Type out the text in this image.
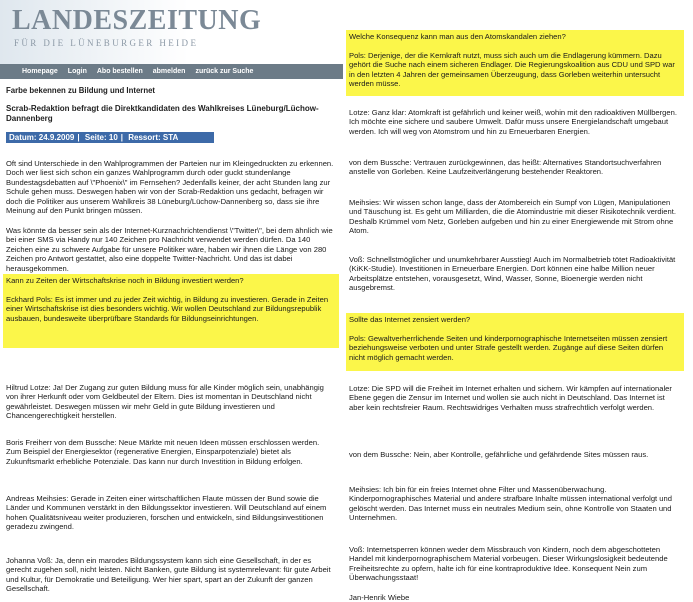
LANDESZEITUNG
FÜR DIE LÜNEBURGER HEIDE
Homepage Login Abo bestellen abmelden zurück zur Suche
Farbe bekennen zu Bildung und Internet
Scrab-Redaktion befragt die Direktkandidaten des Wahlkreises Lüneburg/Lüchow-Dannenberg
Datum: 24.9.2009 | Seite: 10 | Ressort: STA

Oft sind Unterschiede in den Wahlprogrammen der Parteien nur im Kleingedruckten zu erkennen. Doch wer liest sich schon ein ganzes Wahlprogramm durch oder guckt stundenlange Bundestagsdebatten auf \"Phoenix\" im Fernsehen? Jedenfalls keiner, der acht Stunden lang zur Schule gehen muss. Deswegen haben wir von der Scrab-Redaktion uns gedacht, befragen wir doch die Politiker aus unserem Wahlkreis 38 Lüneburg/Lüchow-Dannenberg so, dass sie ihre Meinung auf den Punkt bringen müssen.

Was könnte da besser sein als der Internet-Kurznachrichtendienst \"Twitter\", bei dem ähnlich wie bei einer SMS via Handy nur 140 Zeichen pro Nachricht verwendet werden dürfen. Da 140 Zeichen eine zu schwere Aufgabe für unsere Politiker wäre, haben wir ihnen die Länge von 280 Zeichen pro Antwort gestattet, also eine doppelte Twitter-Nachricht. Und das ist dabei herausgekommen.

Kann zu Zeiten der Wirtschaftskrise noch in Bildung investiert werden?

Eckhard Pols: Es ist immer und zu jeder Zeit wichtig, in Bildung zu investieren. Gerade in Zeiten einer Wirtschaftskrise ist dies besonders wichtig. Wir wollen Deutschland zur Bildungsrepublik ausbauen, bundesweite überprüfbare Standards für Bildungseinrichtungen.

Hiltrud Lotze: Ja! Der Zugang zur guten Bildung muss für alle Kinder möglich sein, unabhängig von ihrer Herkunft oder vom Geldbeutel der Eltern. Dies ist momentan in Deutschland nicht gewährleistet. Deswegen müssen wir mehr Geld in gute Bildung investieren und Chancengerechtigkeit herstellen.

Boris Freiherr von dem Bussche: Neue Märkte mit neuen Ideen müssen erschlossen werden. Zum Beispiel der Energiesektor (regenerative Energien, Einsparpotenziale) bietet als Zukunftsmarkt erhebliche Potenziale. Das kann nur durch Investition in Bildung erfolgen.

Andreas Meihsies: Gerade in Zeiten einer wirtschaftlichen Flaute müssen der Bund sowie die Länder und Kommunen verstärkt in den Bildungssektor investieren. Will Deutschland auf einem hohen Qualitätsniveau weiter produzieren, forschen und entwickeln, sind Bildungsinvestitionen geradezu zwingend.

Johanna Voß: Ja, denn ein marodes Bildungssystem kann sich eine Gesellschaft, in der es gerecht zugehen soll, nicht leisten. Nicht Banken, gute Bildung ist systemrelevant: für gute Arbeit und Kultur, für Demokratie und Beteiligung. Wer hier spart, spart an der Zukunft der ganzen Gesellschaft.

Welche Konsequenz kann man aus den Atomskandalen ziehen?

Pols: Derjenige, der die Kernkraft nutzt, muss sich auch um die Endlagerung kümmern. Dazu gehört die Suche nach einem sicheren Endlager. Die Regierungskoalition aus CDU und SPD war in den letzten 4 Jahren der gemeinsamen Überzeugung, dass Gorleben weiterhin untersucht werden müsse.

Lotze: Ganz klar: Atomkraft ist gefährlich und keiner weiß, wohin mit den radioaktiven Müllbergen. Ich möchte eine sichere und saubere Umwelt. Dafür muss unsere Energielandschaft umgebaut werden. Ich will weg von Atomstrom und hin zu Erneuerbaren Energien.

von dem Bussche: Vertrauen zurückgewinnen, das heißt: Alternatives Standortsuchverfahren anstelle von Gorleben. Keine Laufzeitverlängerung bestehender Reaktoren.

Meihsies: Wir wissen schon lange, dass der Atombereich ein Sumpf von Lügen, Manipulationen und Täuschung ist. Es geht um Milliarden, die die Atomindustrie mit dieser Risikotechnik verdient. Deshalb Krümmel vom Netz, Gorleben aufgeben und hin zu einer Energiewende mit Strom ohne Atom.

Voß: Schnellstmöglicher und unumkehrbarer Ausstieg! Auch im Normalbetrieb tötet Radioaktivität (KiKK-Studie). Investitionen in Erneuerbare Energien. Dort können eine halbe Million neuer Arbeitsplätze entstehen, vorausgesetzt, Wind, Wasser, Sonne, Bioenergie werden nicht ausgebremst.

Sollte das Internet zensiert werden?

Pols: Gewaltverherrlichende Seiten und kinderpornographische Internetseiten müssen zensiert beziehungsweise verboten und unter Strafe gestellt werden. Zugänge auf diese Seiten dürfen nicht möglich gemacht werden.

Lotze: Die SPD will die Freiheit im Internet erhalten und sichern. Wir kämpfen auf internationaler Ebene gegen die Zensur im Internet und wollen sie auch nicht in Deutschland. Das Internet ist aber kein rechtsfreier Raum. Rechtswidriges Verhalten muss strafrechtlich verfolgt werden.

von dem Bussche: Nein, aber Kontrolle, gefährliche und gefährdende Sites müssen raus.

Meihsies: Ich bin für ein freies Internet ohne Filter und Massenüberwachung. Kinderpornographisches Material und andere strafbare Inhalte müssen international verfolgt und gelöscht werden. Das Internet muss ein neutrales Medium sein, ohne Kontrolle von Staaten und Unternehmen.

Voß: Internetsperren können weder dem Missbrauch von Kindern, noch dem abgeschotteten Handel mit kinderpornographischem Material vorbeugen. Dieser Wirkungslosigkeit bedeutende Freiheitsrechte zu opfern, halte ich für eine kontraproduktive Idee. Konsequent Nein zum Überwachungsstaat!

Jan-Henrik Wiebe
